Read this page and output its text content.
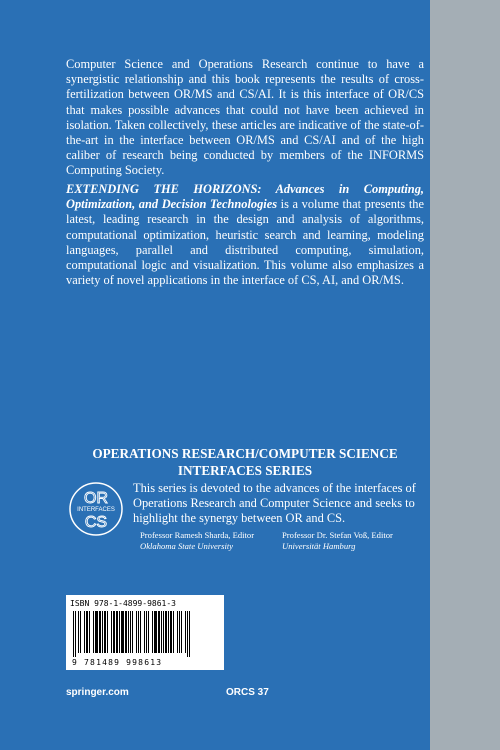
Computer Science and Operations Research continue to have a synergistic relationship and this book represents the results of cross-fertilization between OR/MS and CS/AI. It is this interface of OR/CS that makes possible advances that could not have been achieved in isolation. Taken collectively, these articles are indicative of the state-of-the-art in the interface between OR/MS and CS/AI and of the high caliber of research being conducted by members of the INFORMS Computing Society.

EXTENDING THE HORIZONS: Advances in Computing, Optimization, and Decision Technologies is a volume that presents the latest, leading research in the design and analysis of algorithms, computational optimization, heuristic search and learning, modeling languages, parallel and distributed computing, simulation, computational logic and visualization. This volume also emphasizes a variety of novel applications in the interface of CS, AI, and OR/MS.

OPERATIONS RESEARCH/COMPUTER SCIENCE
INTERFACES SERIES
OR
INTERFACES
CS

This series is devoted to the advances of the interfaces of Operations Research and Computer Science and seeks to highlight the synergy between OR and CS.

Professor Ramesh Sharda, Editor
Oklahoma State University
Professor Dr. Stefan Voß, Editor
Universität Hamburg
ISBN 978-1-4899-9861-3
9 781489 998613
springer.com	ORCS 37
